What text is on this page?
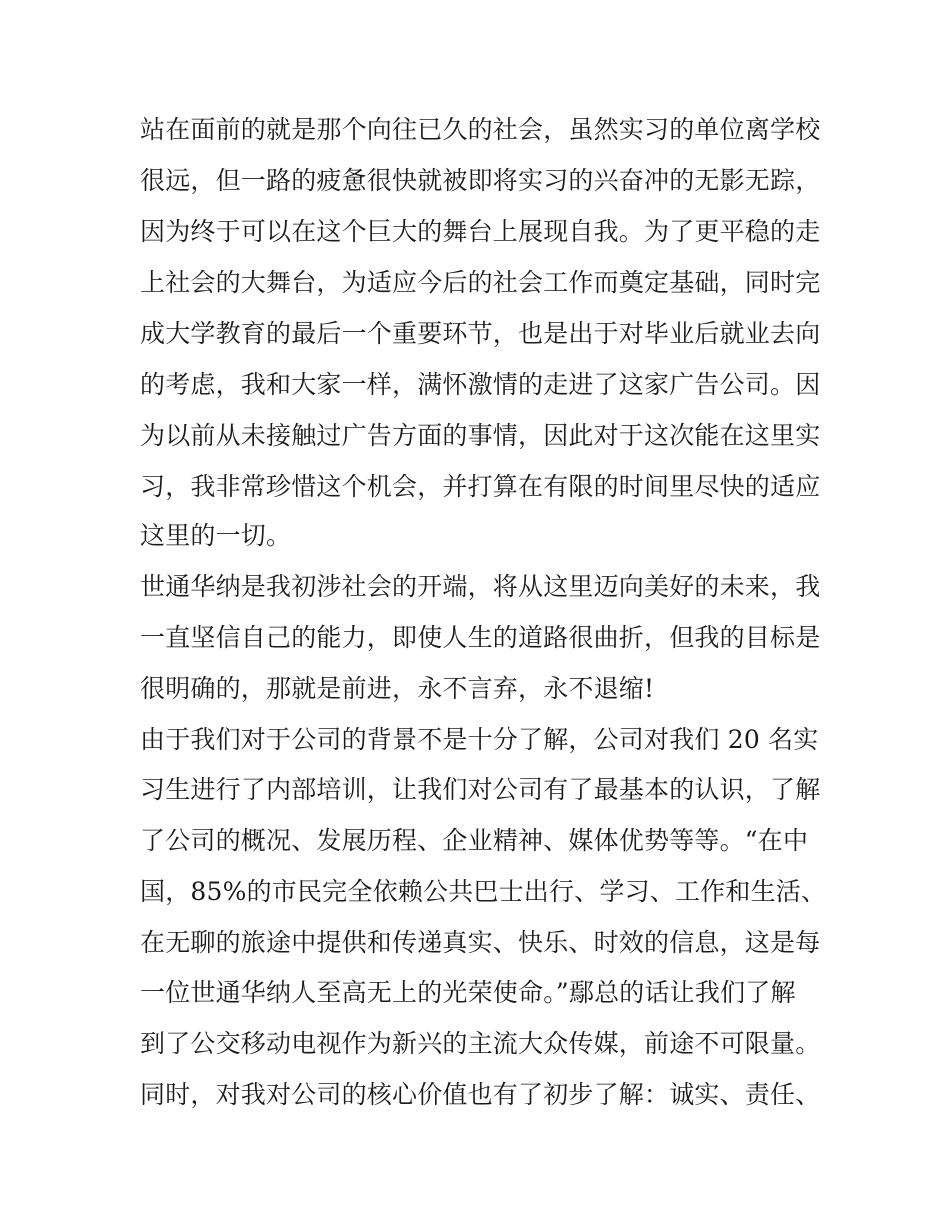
站在面前的就是那个向往已久的社会，虽然实习的单位离学校
很远，但一路的疲惫很快就被即将实习的兴奋冲的无影无踪，
因为终于可以在这个巨大的舞台上展现自我。为了更平稳的走
上社会的大舞台，为适应今后的社会工作而奠定基础，同时完
成大学教育的最后一个重要环节，也是出于对毕业后就业去向
的考虑，我和大家一样，满怀激情的走进了这家广告公司。因
为以前从未接触过广告方面的事情，因此对于这次能在这里实
习，我非常珍惜这个机会，并打算在有限的时间里尽快的适应
这里的一切。
世通华纳是我初涉社会的开端，将从这里迈向美好的未来，我
一直坚信自己的能力，即使人生的道路很曲折，但我的目标是
很明确的，那就是前进，永不言弃，永不退缩!
由于我们对于公司的背景不是十分了解，公司对我们 20 名实
习生进行了内部培训，让我们对公司有了最基本的认识，了解
了公司的概况、发展历程、企业精神、媒体优势等等。“在中
国，85%的市民完全依赖公共巴士出行、学习、工作和生活、
在无聊的旅途中提供和传递真实、快乐、时效的信息，这是每
一位世通华纳人至高无上的光荣使命。”鄢总的话让我们了解
到了公交移动电视作为新兴的主流大众传媒，前途不可限量。
同时，对我对公司的核心价值也有了初步了解：诚实、责任、
